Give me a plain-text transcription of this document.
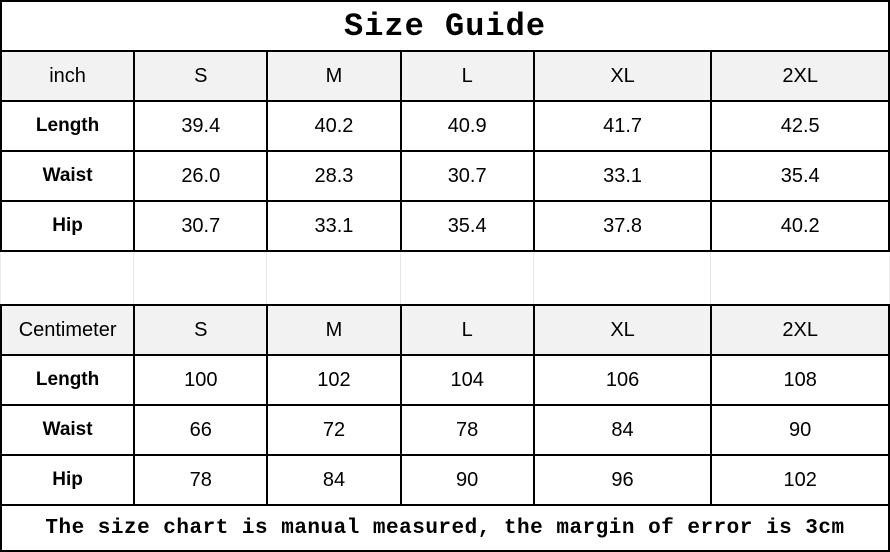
Size Guide
inch	S	M	L	XL	2XL
Length	39.4	40.2	40.9	41.7	42.5
Waist	26.0	28.3	30.7	33.1	35.4
Hip	30.7	33.1	35.4	37.8	40.2
Centimeter	S	M	L	XL	2XL
Length	100	102	104	106	108
Waist	66	72	78	84	90
Hip	78	84	90	96	102
The size chart is manual measured, the margin of error is 3cm
